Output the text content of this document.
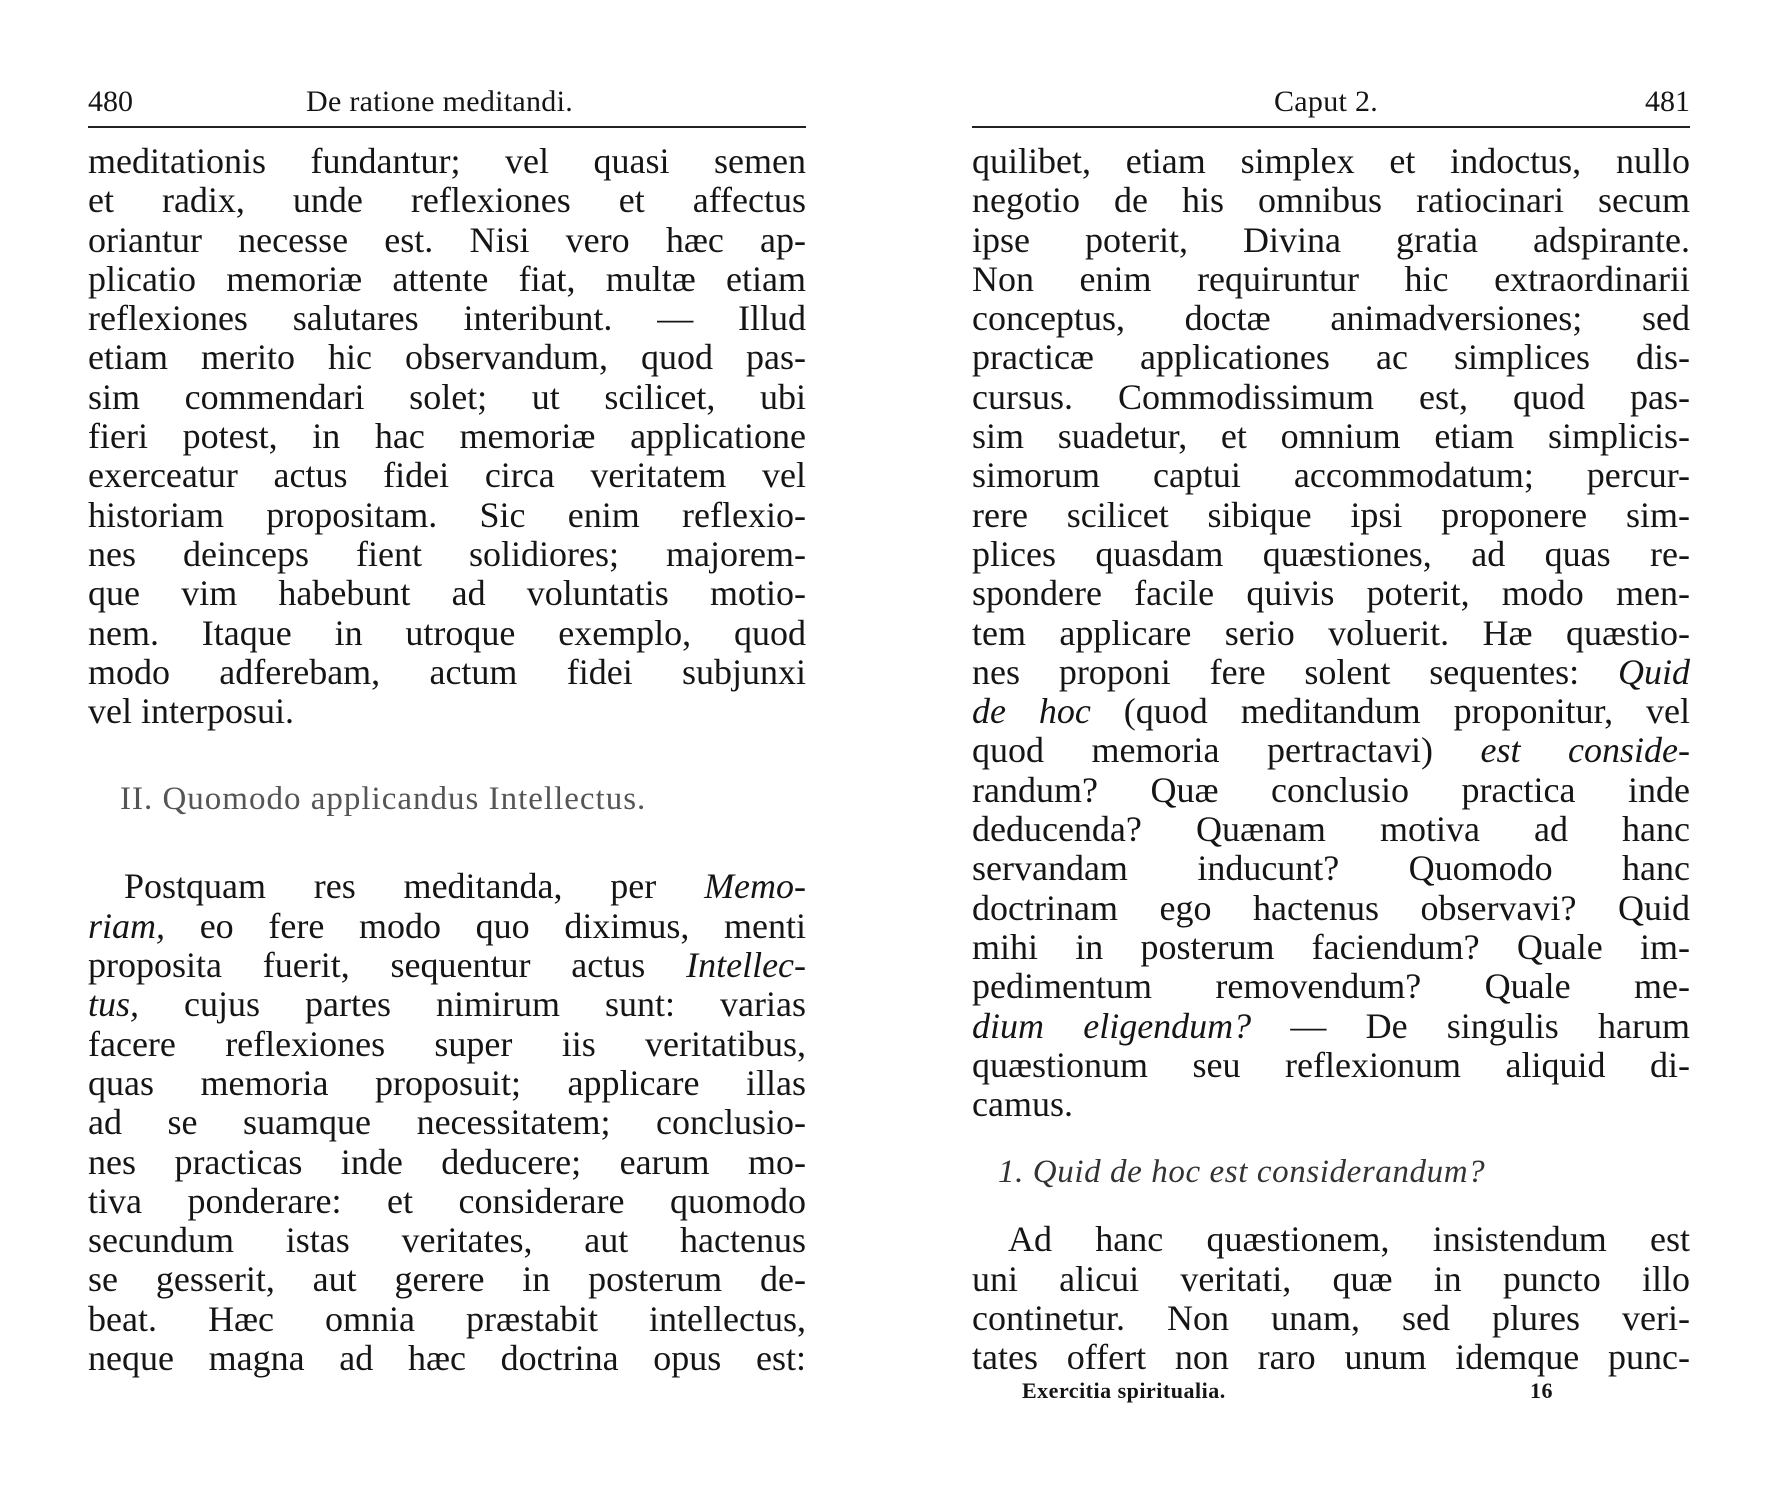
480	De ratione meditandi.
meditationis fundantur; vel quasi semen
et radix, unde reflexiones et affectus
oriantur necesse est. Nisi vero hæc ap-
plicatio memoriæ attente fiat, multæ etiam
reflexiones salutares interibunt. — Illud
etiam merito hic observandum, quod pas-
sim commendari solet; ut scilicet, ubi
fieri potest, in hac memoriæ applicatione
exerceatur actus fidei circa veritatem vel
historiam propositam. Sic enim reflexio-
nes deinceps fient solidiores; majorem-
que vim habebunt ad voluntatis motio-
nem. Itaque in utroque exemplo, quod
modo adferebam, actum fidei subjunxi
vel interposui.
II. Quomodo applicandus Intellectus.
Postquam res meditanda, per Memo-
riam, eo fere modo quo diximus, menti
proposita fuerit, sequentur actus Intellec-
tus, cujus partes nimirum sunt: varias
facere reflexiones super iis veritatibus,
quas memoria proposuit; applicare illas
ad se suamque necessitatem; conclusio-
nes practicas inde deducere; earum mo-
tiva ponderare: et considerare quomodo
secundum istas veritates, aut hactenus
se gesserit, aut gerere in posterum de-
beat. Hæc omnia præstabit intellectus,
neque magna ad hæc doctrina opus est:
Caput 2.	481
quilibet, etiam simplex et indoctus, nullo
negotio de his omnibus ratiocinari secum
ipse poterit, Divina gratia adspirante.
Non enim requiruntur hic extraordinarii
conceptus, doctæ animadversiones; sed
practicæ applicationes ac simplices dis-
cursus. Commodissimum est, quod pas-
sim suadetur, et omnium etiam simplicis-
simorum captui accommodatum; percur-
rere scilicet sibique ipsi proponere sim-
plices quasdam quæstiones, ad quas re-
spondere facile quivis poterit, modo men-
tem applicare serio voluerit. Hæ quæstio-
nes proponi fere solent sequentes: Quid
de hoc (quod meditandum proponitur, vel
quod memoria pertractavi) est conside-
randum? Quæ conclusio practica inde
deducenda? Quænam motiva ad hanc
servandam inducunt? Quomodo hanc
doctrinam ego hactenus observavi? Quid
mihi in posterum faciendum? Quale im-
pedimentum removendum? Quale me-
dium eligendum? — De singulis harum
quæstionum seu reflexionum aliquid di-
camus.
1. Quid de hoc est considerandum?
Ad hanc quæstionem, insistendum est
uni alicui veritati, quæ in puncto illo
continetur. Non unam, sed plures veri-
tates offert non raro unum idemque punc-
Exercitia spiritualia.	16
